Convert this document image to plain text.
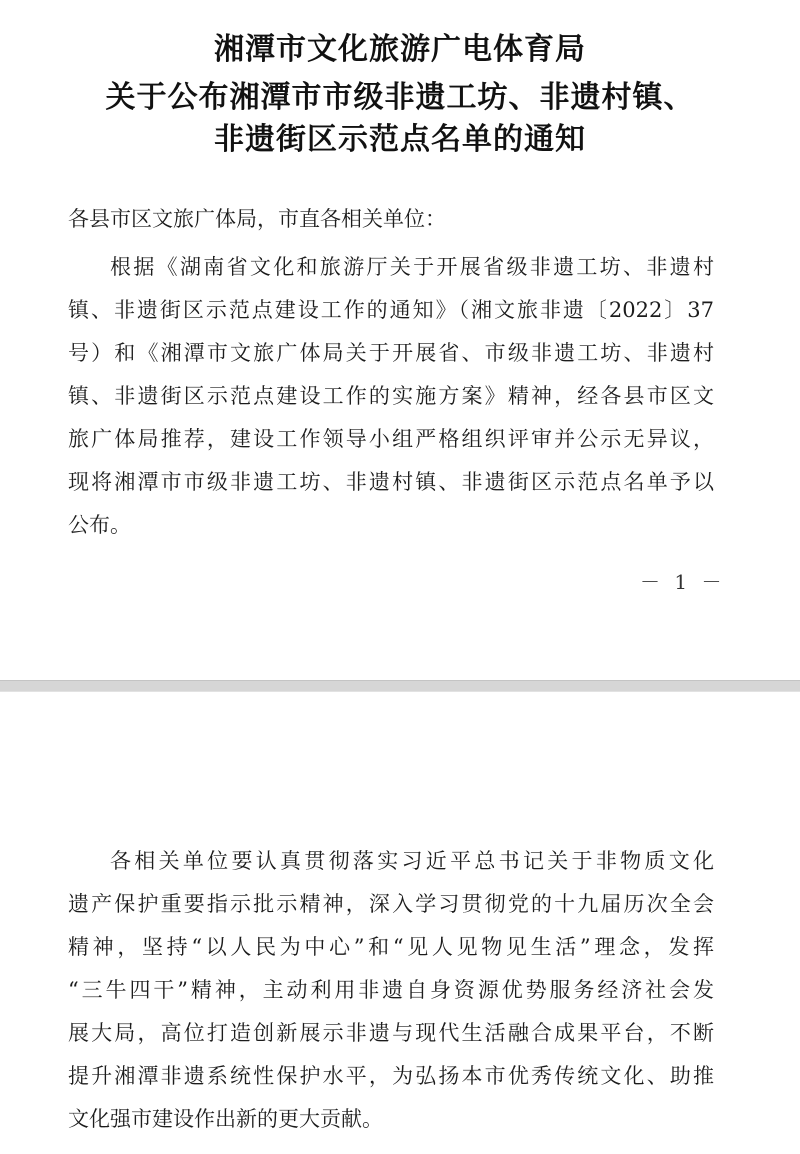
湘潭市文化旅游广电体育局
关于公布湘潭市市级非遗工坊、非遗村镇、
非遗街区示范点名单的通知

各县市区文旅广体局，市直各相关单位：

根据《湖南省文化和旅游厅关于开展省级非遗工坊、非遗村

镇、非遗街区示范点建设工作的通知》（湘文旅非遗〔2022〕37

号）和《湘潭市文旅广体局关于开展省、市级非遗工坊、非遗村

镇、非遗街区示范点建设工作的实施方案》精神，经各县市区文

旅广体局推荐，建设工作领导小组严格组织评审并公示无异议，

现将湘潭市市级非遗工坊、非遗村镇、非遗街区示范点名单予以

公布。

－ 1 －

各相关单位要认真贯彻落实习近平总书记关于非物质文化

遗产保护重要指示批示精神，深入学习贯彻党的十九届历次全会

精神，坚持“以人民为中心”和“见人见物见生活”理念，发挥

“三牛四干”精神，主动利用非遗自身资源优势服务经济社会发

展大局，高位打造创新展示非遗与现代生活融合成果平台，不断

提升湘潭非遗系统性保护水平，为弘扬本市优秀传统文化、助推

文化强市建设作出新的更大贡献。
